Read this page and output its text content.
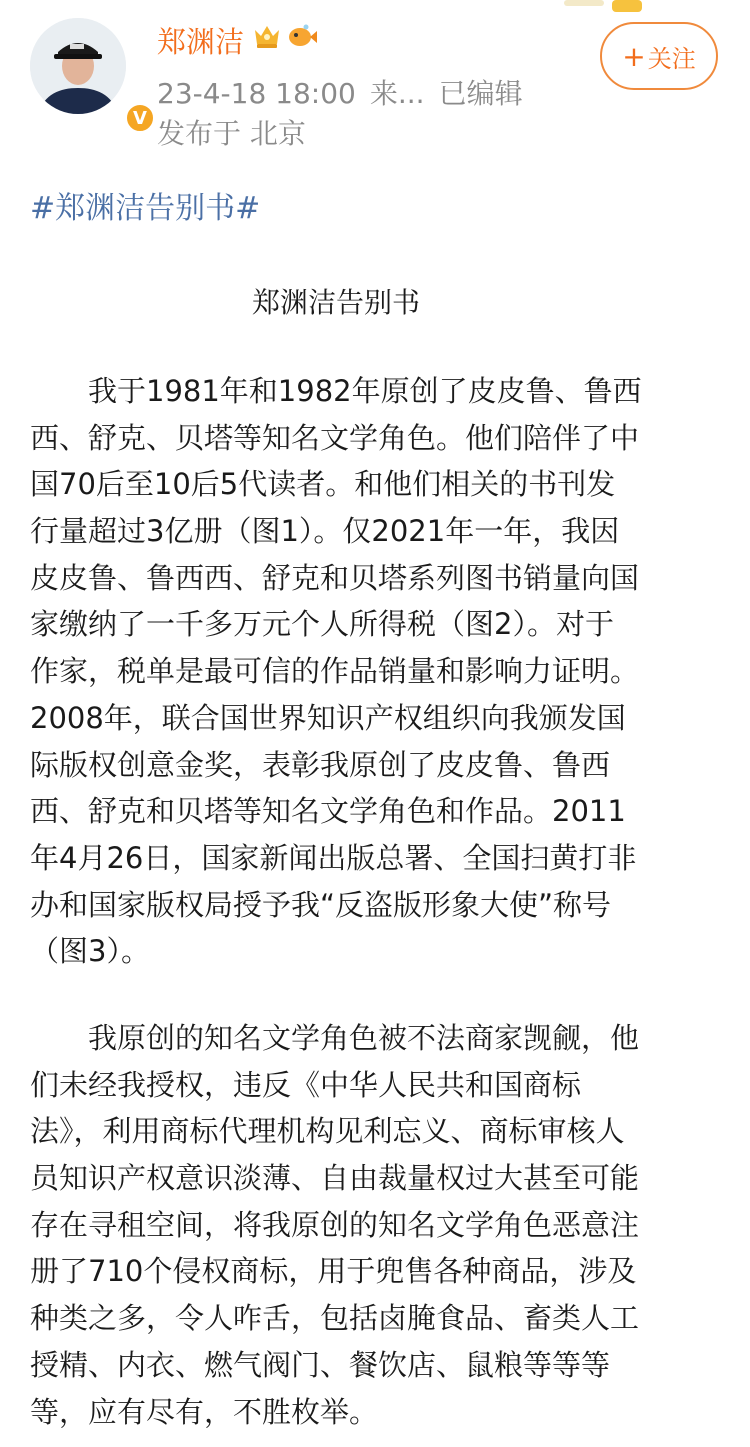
V
郑渊洁
23-4-18 18:00 来... 已编辑
发布于 北京
+ 关注
#郑渊洁告别书#
郑渊洁告别书
　　我于1981年和1982年原创了皮皮鲁、鲁西
西、舒克、贝塔等知名文学角色。他们陪伴了中
国70后至10后5代读者。和他们相关的书刊发
行量超过3亿册（图1）。仅2021年一年，我因
皮皮鲁、鲁西西、舒克和贝塔系列图书销量向国
家缴纳了一千多万元个人所得税（图2）。对于
作家，税单是最可信的作品销量和影响力证明。
2008年，联合国世界知识产权组织向我颁发国
际版权创意金奖，表彰我原创了皮皮鲁、鲁西
西、舒克和贝塔等知名文学角色和作品。2011
年4月26日，国家新闻出版总署、全国扫黄打非
办和国家版权局授予我“反盗版形象大使”称号
（图3）。
　　我原创的知名文学角色被不法商家觊觎，他
们未经我授权，违反《中华人民共和国商标
法》，利用商标代理机构见利忘义、商标审核人
员知识产权意识淡薄、自由裁量权过大甚至可能
存在寻租空间，将我原创的知名文学角色恶意注
册了710个侵权商标，用于兜售各种商品，涉及
种类之多，令人咋舌，包括卤腌食品、畜类人工
授精、内衣、燃气阀门、餐饮店、鼠粮等等等
等，应有尽有，不胜枚举。
